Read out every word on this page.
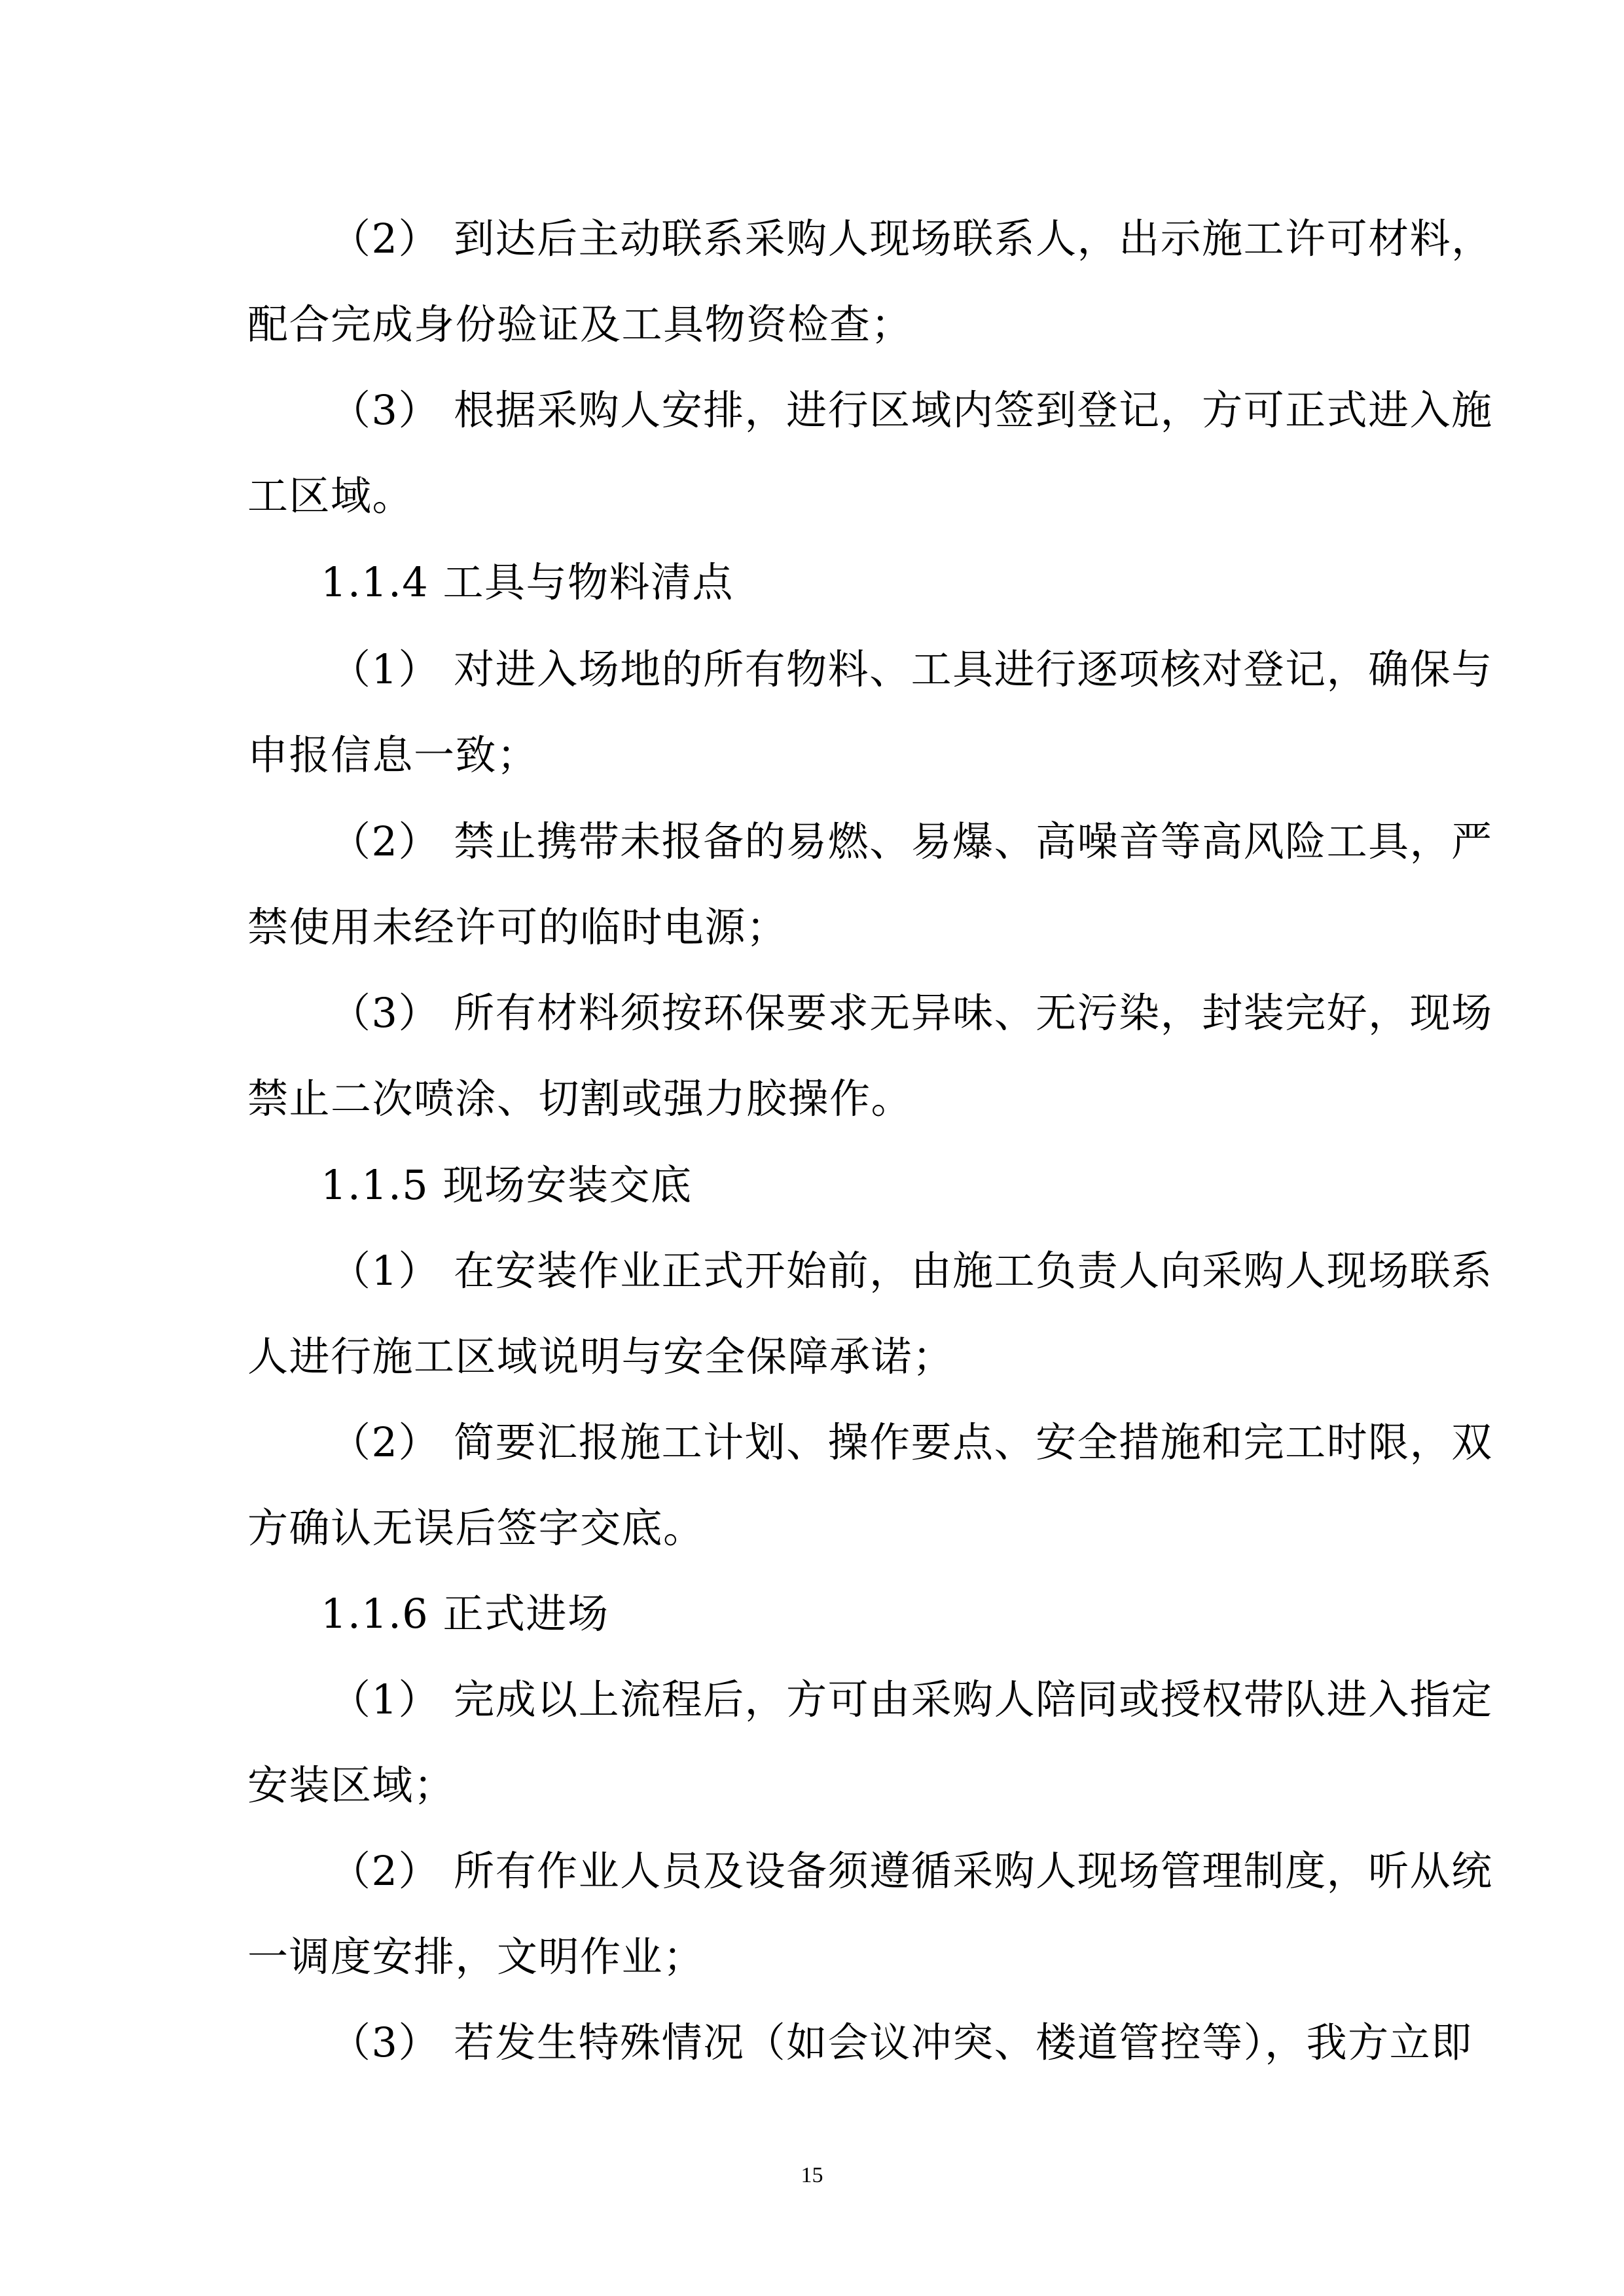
（2） 到达后主动联系采购人现场联系人，出示施工许可材料，
配合完成身份验证及工具物资检查；
（3） 根据采购人安排，进行区域内签到登记，方可正式进入施
工区域。
1.1.4 工具与物料清点
（1） 对进入场地的所有物料、工具进行逐项核对登记，确保与
申报信息一致；
（2） 禁止携带未报备的易燃、易爆、高噪音等高风险工具，严
禁使用未经许可的临时电源；
（3） 所有材料须按环保要求无异味、无污染，封装完好，现场
禁止二次喷涂、切割或强力胶操作。
1.1.5 现场安装交底
（1） 在安装作业正式开始前，由施工负责人向采购人现场联系
人进行施工区域说明与安全保障承诺；
（2） 简要汇报施工计划、操作要点、安全措施和完工时限，双
方确认无误后签字交底。
1.1.6 正式进场
（1） 完成以上流程后，方可由采购人陪同或授权带队进入指定
安装区域；
（2） 所有作业人员及设备须遵循采购人现场管理制度，听从统
一调度安排，文明作业；
（3） 若发生特殊情况（如会议冲突、楼道管控等），我方立即
15
